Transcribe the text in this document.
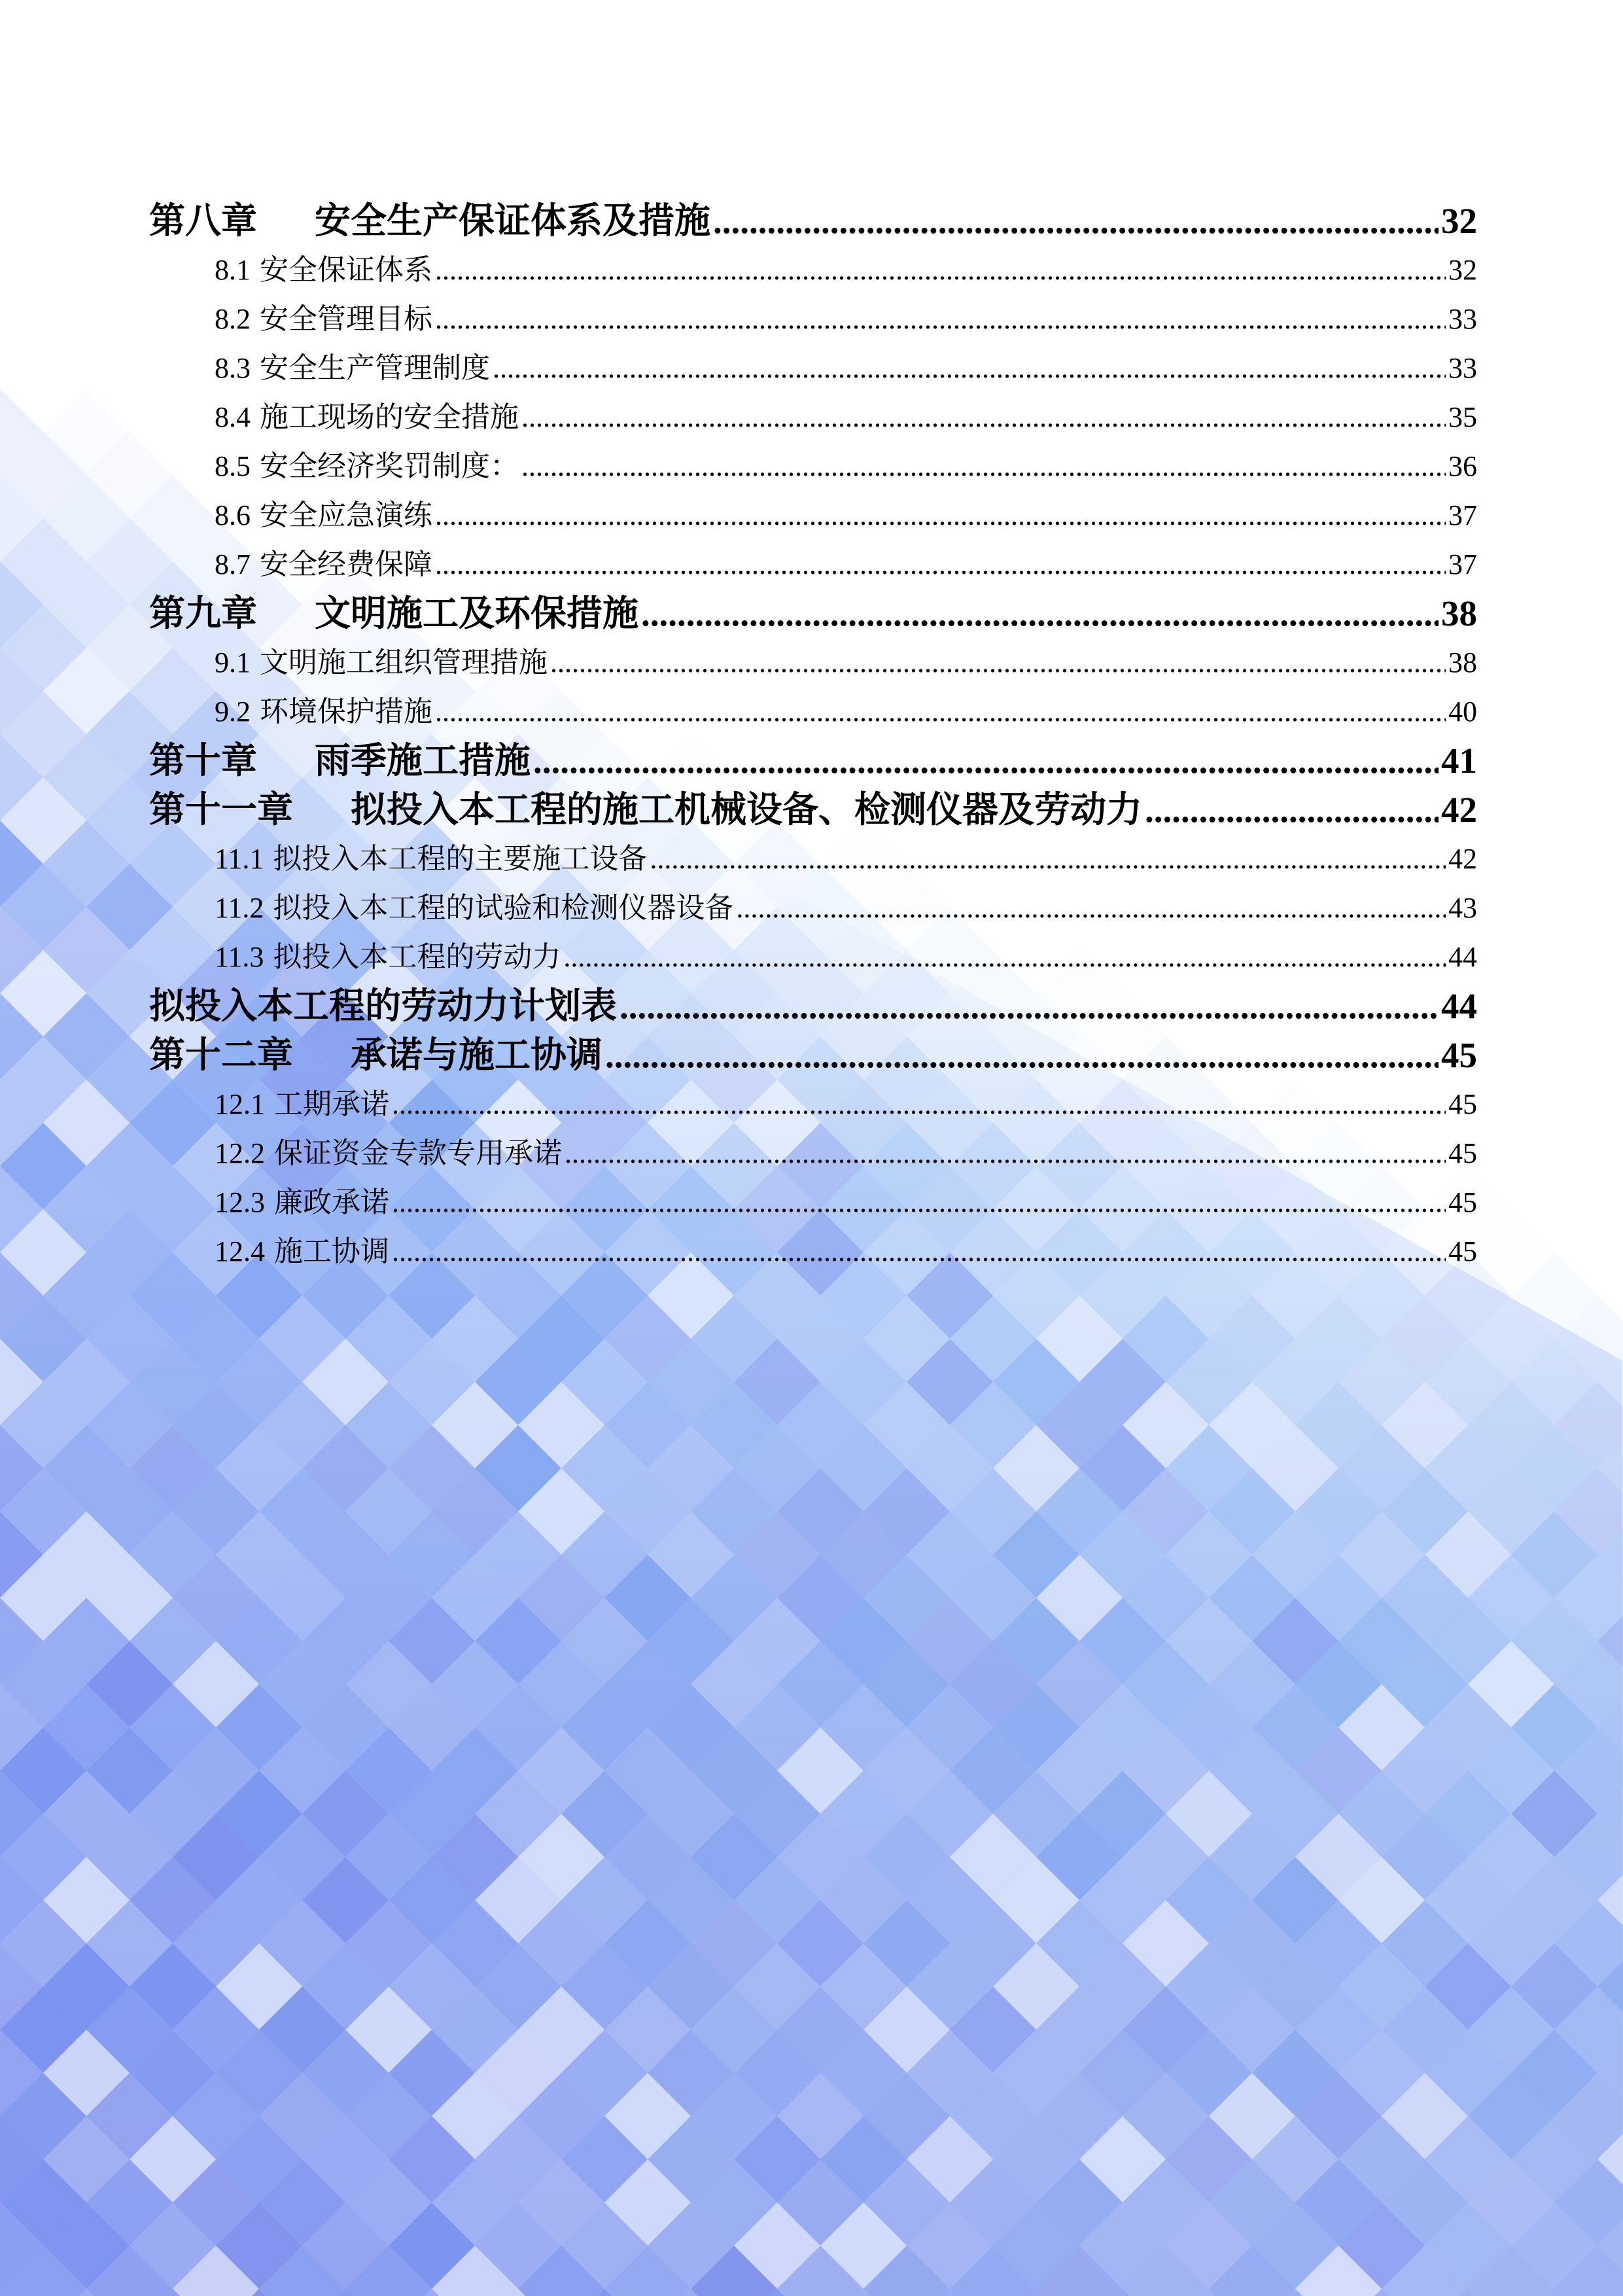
第八章 安全生产保证体系及措施 .....	32
8.1 安全保证体系 .....	32
8.2 安全管理目标 .....	33
8.3 安全生产管理制度 .....	33
8.4 施工现场的安全措施 .....	35
8.5 安全经济奖罚制度： .....	36
8.6 安全应急演练 .....	37
8.7 安全经费保障 .....	37
第九章 文明施工及环保措施 .....	38
9.1 文明施工组织管理措施 .....	38
9.2 环境保护措施 .....	40
第十章 雨季施工措施 .....	41
第十一章 拟投入本工程的施工机械设备、检测仪器及劳动力 .....	42
11.1 拟投入本工程的主要施工设备 .....	42
11.2 拟投入本工程的试验和检测仪器设备 .....	43
11.3 拟投入本工程的劳动力 .....	44
拟投入本工程的劳动力计划表 .....	44
第十二章 承诺与施工协调 .....	45
12.1 工期承诺 .....	45
12.2 保证资金专款专用承诺 .....	45
12.3 廉政承诺 .....	45
12.4 施工协调 .....	45
